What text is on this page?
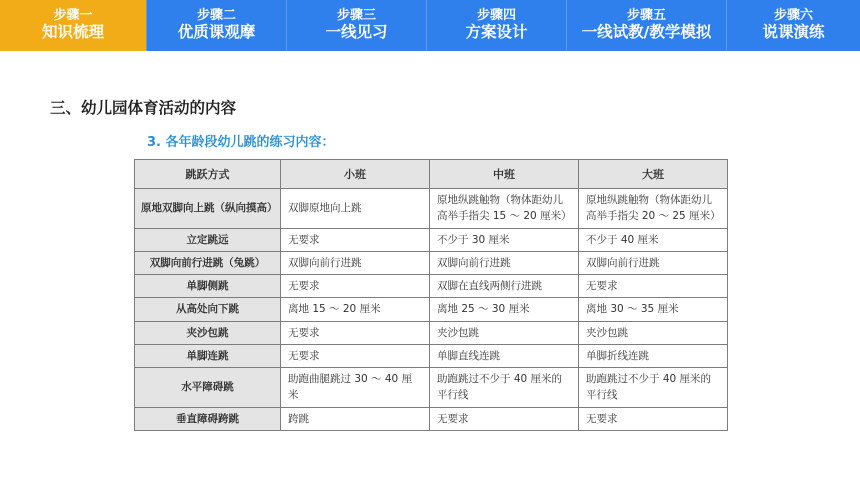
步骤一
知识梳理
步骤二
优质课观摩
步骤三
一线见习
步骤四
方案设计
步骤五
一线试教/教学模拟
步骤六
说课演练
三、幼儿园体育活动的内容
3. 各年龄段幼儿跳的练习内容：
跳跃方式	小班	中班	大班
原地双脚向上跳（纵向摸高）	双脚原地向上跳	原地纵跳触物（物体距幼儿高举手指尖 15 ～ 20 厘米）	原地纵跳触物（物体距幼儿高举手指尖 20 ～ 25 厘米）
立定跳远	无要求	不少于 30 厘米	不少于 40 厘米
双脚向前行进跳（兔跳）	双脚向前行进跳	双脚向前行进跳	双脚向前行进跳
单脚侧跳	无要求	双脚在直线两侧行进跳	无要求
从高处向下跳	离地 15 ～ 20 厘米	离地 25 ～ 30 厘米	离地 30 ～ 35 厘米
夹沙包跳	无要求	夹沙包跳	夹沙包跳
单脚连跳	无要求	单脚直线连跳	单脚折线连跳
水平障碍跳	助跑曲腿跳过 30 ～ 40 厘米	助跑跳过不少于 40 厘米的平行线	助跑跳过不少于 40 厘米的平行线
垂直障碍跨跳	跨跳	无要求	无要求
